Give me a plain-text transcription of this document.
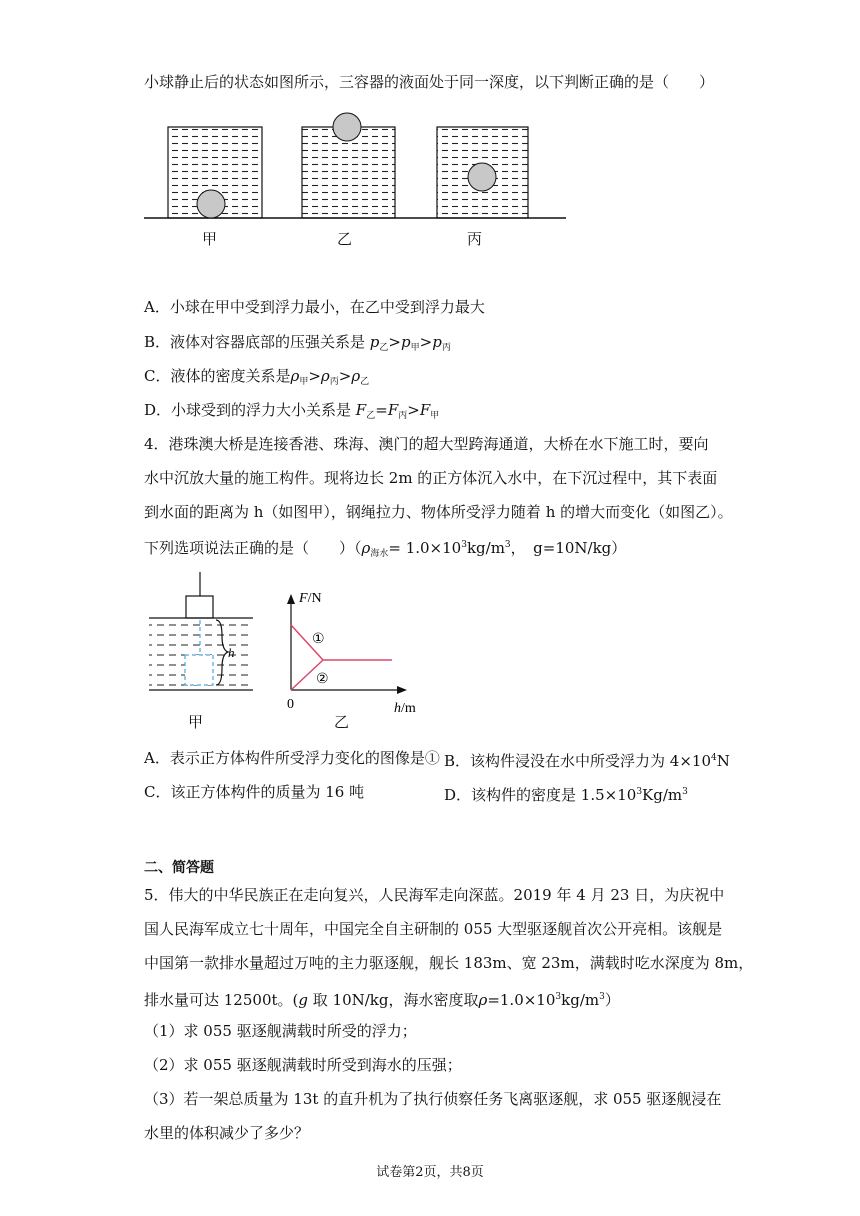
小球静止后的状态如图所示，三容器的液面处于同一深度，以下判断正确的是（　　）
甲	乙	丙
h
甲
F/N
h/m
0
①
②
乙
A．小球在甲中受到浮力最小，在乙中受到浮力最大
B．液体对容器底部的压强关系是 $p_乙>p_甲>p_丙$
C．液体的密度关系是$\rho_甲>\rho_丙>\rho_乙$
D．小球受到的浮力大小关系是 $F_乙=F_丙>F_甲$
4．港珠澳大桥是连接香港、珠海、澳门的超大型跨海通道，大桥在水下施工时，要向
水中沉放大量的施工构件。现将边长 2m 的正方体沉入水中，在下沉过程中，其下表面
到水面的距离为 h（如图甲），钢绳拉力、物体所受浮力随着 h 的增大而变化（如图乙）。
下列选项说法正确的是（　　）（$\rho_{海水}= 1.0\times 10^3kg/m^3$，　g=10N/kg）
A．表示正方体构件所受浮力变化的图像是① B．该构件浸没在水中所受浮力为 $4\times 10^4N$
C．该正方体构件的质量为 16 吨	D．该构件的密度是 $1.5\times 10^3Kg/m^3$
二、简答题
5．伟大的中华民族正在走向复兴，人民海军走向深蓝。2019 年 4 月 23 日，为庆祝中
国人民海军成立七十周年，中国完全自主研制的 055 大型驱逐舰首次公开亮相。该舰是
中国第一款排水量超过万吨的主力驱逐舰，舰长 183m、宽 23m，满载时吃水深度为 8m，
排水量可达 12500t。(g 取 10N/kg，海水密度取$\rho=1.0\times 10^3kg/m^3$）
（1）求 055 驱逐舰满载时所受的浮力；
（2）求 055 驱逐舰满载时所受到海水的压强；
（3）若一架总质量为 13t 的直升机为了执行侦察任务飞离驱逐舰，求 055 驱逐舰浸在
水里的体积减少了多少？
试卷第2页，共8页
